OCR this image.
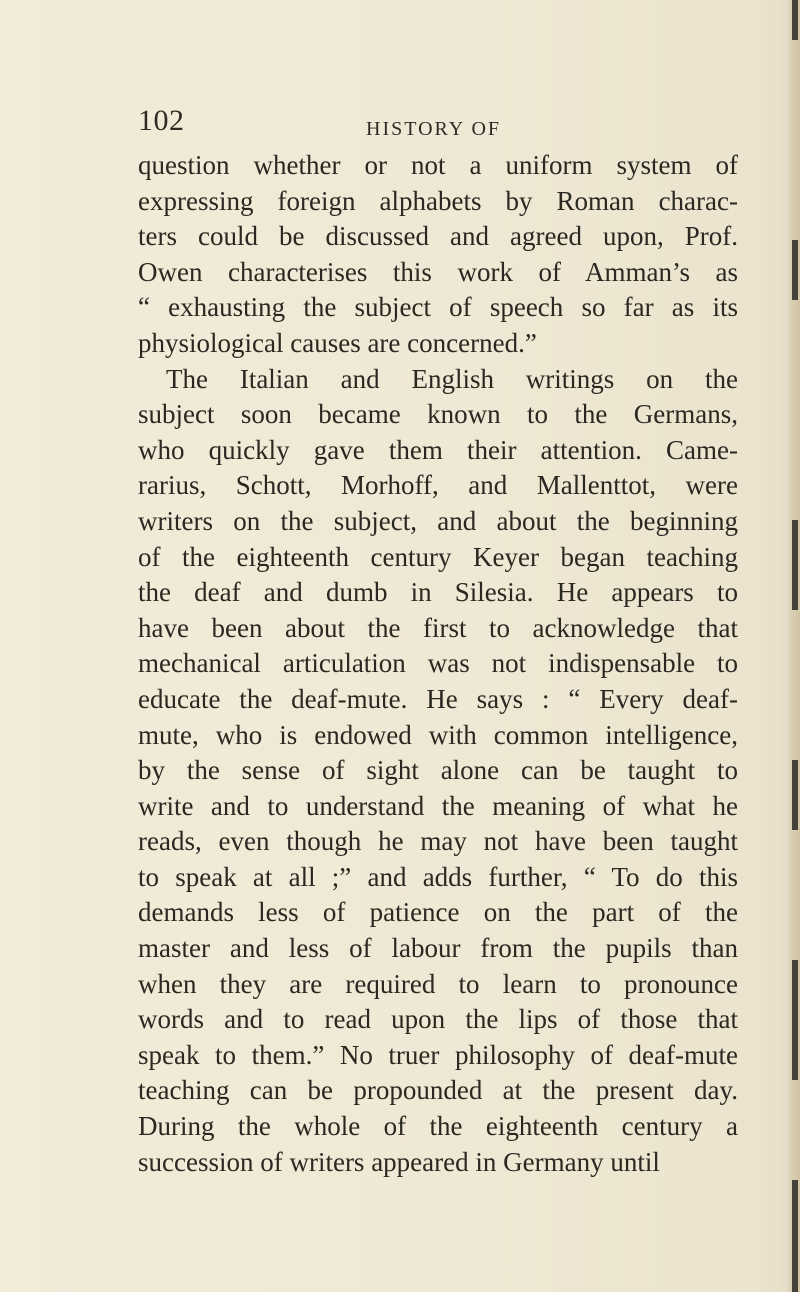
102	HISTORY OF
question whether or not a uniform system of
expressing foreign alphabets by Roman charac-
ters could be discussed and agreed upon, Prof.
Owen characterises this work of Amman’s as
“ exhausting the subject of speech so far as its
physiological causes are concerned.”
The Italian and English writings on the
subject soon became known to the Germans,
who quickly gave them their attention. Came-
rarius, Schott, Morhoff, and Mallenttot, were
writers on the subject, and about the beginning
of the eighteenth century Keyer began teaching
the deaf and dumb in Silesia. He appears to
have been about the first to acknowledge that
mechanical articulation was not indispensable to
educate the deaf-mute. He says : “ Every deaf-
mute, who is endowed with common intelligence,
by the sense of sight alone can be taught to
write and to understand the meaning of what he
reads, even though he may not have been taught
to speak at all ;” and adds further, “ To do this
demands less of patience on the part of the
master and less of labour from the pupils than
when they are required to learn to pronounce
words and to read upon the lips of those that
speak to them.” No truer philosophy of deaf-mute
teaching can be propounded at the present day.
During the whole of the eighteenth century a
succession of writers appeared in Germany until
